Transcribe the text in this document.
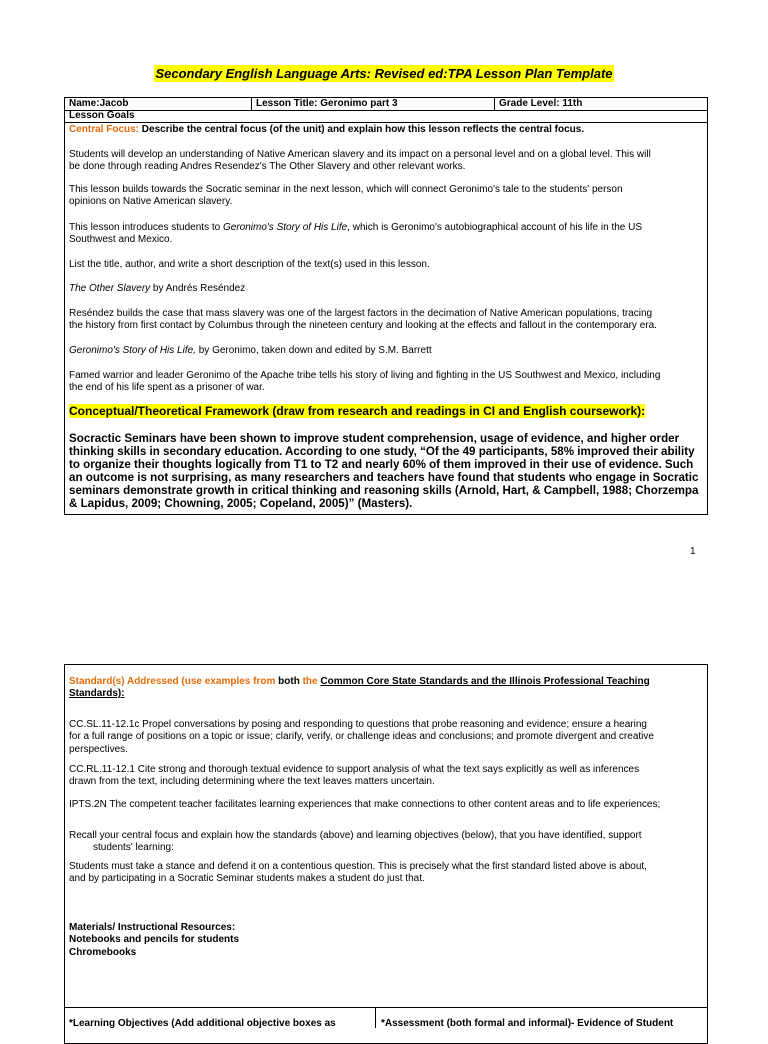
Secondary English Language Arts: Revised ed:TPA Lesson Plan Template
Name:Jacob	Lesson Title: Geronimo part 3	Grade Level: 11th
Lesson Goals
Central Focus: Describe the central focus (of the unit) and explain how this lesson reflects the central focus.
Students will develop an understanding of Native American slavery and its impact on a personal level and on a global level. This will
be done through reading Andres Resendez's The Other Slavery and other relevant works.
This lesson builds towards the Socratic seminar in the next lesson, which will connect Geronimo's tale to the students' person
opinions on Native American slavery.
This lesson introduces students to Geronimo's Story of His Life, which is Geronimo's autobiographical account of his life in the US
Southwest and Mexico.
List the title, author, and write a short description of the text(s) used in this lesson.
The Other Slavery by Andrés Reséndez
Reséndez builds the case that mass slavery was one of the largest factors in the decimation of Native American populations, tracing
the history from first contact by Columbus through the nineteen century and looking at the effects and fallout in the contemporary era.
Geronimo's Story of His Life, by Geronimo, taken down and edited by S.M. Barrett
Famed warrior and leader Geronimo of the Apache tribe tells his story of living and fighting in the US Southwest and Mexico, including
the end of his life spent as a prisoner of war.
Conceptual/Theoretical Framework (draw from research and readings in CI and English coursework):
Socractic Seminars have been shown to improve student comprehension, usage of evidence, and higher order
thinking skills in secondary education. According to one study, “Of the 49 participants, 58% improved their ability
to organize their thoughts logically from T1 to T2 and nearly 60% of them improved in their use of evidence. Such
an outcome is not surprising, as many researchers and teachers have found that students who engage in Socratic
seminars demonstrate growth in critical thinking and reasoning skills (Arnold, Hart, & Campbell, 1988; Chorzempa
& Lapidus, 2009; Chowning, 2005; Copeland, 2005)” (Masters).
1
Standard(s) Addressed (use examples from both the Common Core State Standards and the Illinois Professional Teaching
Standards):
CC.SL.11-12.1c Propel conversations by posing and responding to questions that probe reasoning and evidence; ensure a hearing
for a full range of positions on a topic or issue; clarify, verify, or challenge ideas and conclusions; and promote divergent and creative
perspectives.
CC.RL.11-12.1 Cite strong and thorough textual evidence to support analysis of what the text says explicitly as well as inferences
drawn from the text, including determining where the text leaves matters uncertain.
IPTS.2N The competent teacher facilitates learning experiences that make connections to other content areas and to life experiences;
Recall your central focus and explain how the standards (above) and learning objectives (below), that you have identified, support
students' learning:
Students must take a stance and defend it on a contentious question. This is precisely what the first standard listed above is about,
and by participating in a Socratic Seminar students makes a student do just that.
Materials/ Instructional Resources:
Notebooks and pencils for students
Chromebooks
*Learning Objectives (Add additional objective boxes as	*Assessment (both formal and informal)- Evidence of Student
